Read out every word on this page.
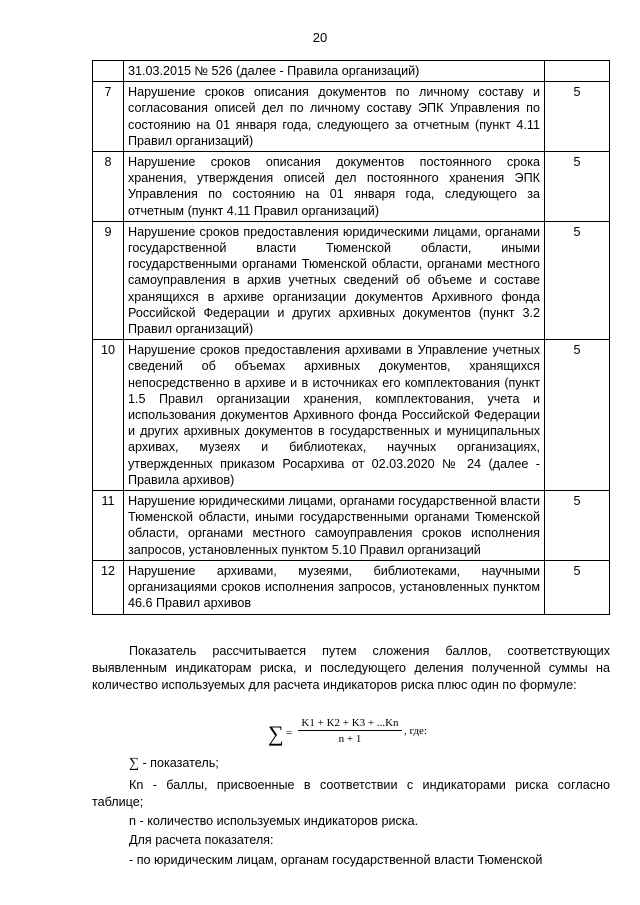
20
	31.03.2015 № 526 (далее - Правила организаций)	
7	Нарушение сроков описания документов по личному составу и согласования описей дел по личному составу ЭПК Управления по состоянию на 01 января года, следующего за отчетным (пункт 4.11 Правил организаций)	5
8	Нарушение сроков описания документов постоянного срока хранения, утверждения описей дел постоянного хранения ЭПК Управления по состоянию на 01 января года, следующего за отчетным (пункт 4.11 Правил организаций)	5
9	Нарушение сроков предоставления юридическими лицами, органами государственной власти Тюменской области, иными государственными органами Тюменской области, органами местного самоуправления в архив учетных сведений об объеме и составе хранящихся в архиве организации документов Архивного фонда Российской Федерации и других архивных документов (пункт 3.2 Правил организаций)	5
10	Нарушение сроков предоставления архивами в Управление учетных сведений об объемах архивных документов, хранящихся непосредственно в архиве и в источниках его комплектования (пункт 1.5 Правил организации хранения, комплектования, учета и использования документов Архивного фонда Российской Федерации и других архивных документов в государственных и муниципальных архивах, музеях и библиотеках, научных организациях, утвержденных приказом Росархива от 02.03.2020 № 24 (далее - Правила архивов)	5
11	Нарушение юридическими лицами, органами государственной власти Тюменской области, иными государственными органами Тюменской области, органами местного самоуправления сроков исполнения запросов, установленных пунктом 5.10 Правил организаций	5
12	Нарушение архивами, музеями, библиотеками, научными организациями сроков исполнения запросов, установленных пунктом 46.6 Правил архивов	5

Показатель рассчитывается путем сложения баллов, соответствующих выявленным индикаторам риска, и последующего деления полученной суммы на количество используемых для расчета индикаторов риска плюс один по формуле:

∑ =
K1 + K2 + K3 + ...Kn
n + 1
, где:

∑ - показатель;

Кn - баллы, присвоенные в соответствии с индикаторами риска согласно таблице;

n - количество используемых индикаторов риска.

Для расчета показателя:

- по юридическим лицам, органам государственной власти Тюменской
